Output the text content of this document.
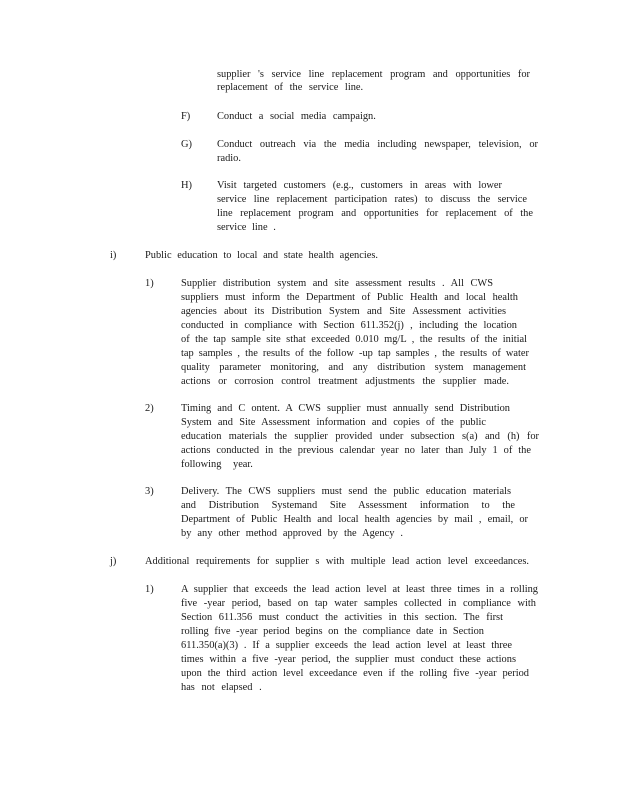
supplier 's service line replacement program and opportunities for
replacement of the service line.
F)	Conduct a social media campaign.
G) Conduct outreach via the media including newspaper, television, or
radio.
H) Visit targeted customers (e.g., customers in areas with lower
service line replacement participation rates) to discuss the service
line replacement program and opportunities for replacement of the
service line .
i)	Public education to local and state health agencies.
1)	Supplier distribution system and site assessment results . All CWS
suppliers must inform the Department of Public Health and local health
agencies about its Distribution System and Site Assessment activities
conducted in compliance with Section 611.352(j) , including the location
of the tap sample site sthat exceeded 0.010 mg/L , the results of the initial
tap samples , the results of the follow -up tap samples , the results of water
quality parameter monitoring, and any distribution system management
actions or corrosion control treatment adjustments the supplier made.
2)	Timing and C ontent. A CWS supplier must annually send Distribution
System and Site Assessment information and copies of the public
education materials the supplier provided under subsection s(a) and (h) for
actions conducted in the previous calendar year no later than July 1 of the
following year.
3)	Delivery. The CWS suppliers must send the public education materials
and Distribution Systemand Site Assessment information to the
Department of Public Health and local health agencies by mail , email, or
by any other method approved by the Agency .
j)	Additional requirements for supplier s with multiple lead action level exceedances.
1)	A supplier that exceeds the lead action level at least three times in a rolling
five -year period, based on tap water samples collected in compliance with
Section 611.356 must conduct the activities in this section. The first
rolling five -year period begins on the compliance date in Section
611.350(a)(3) . If a supplier exceeds the lead action level at least three
times within a five -year period, the supplier must conduct these actions
upon the third action level exceedance even if the rolling five -year period
has not elapsed .
